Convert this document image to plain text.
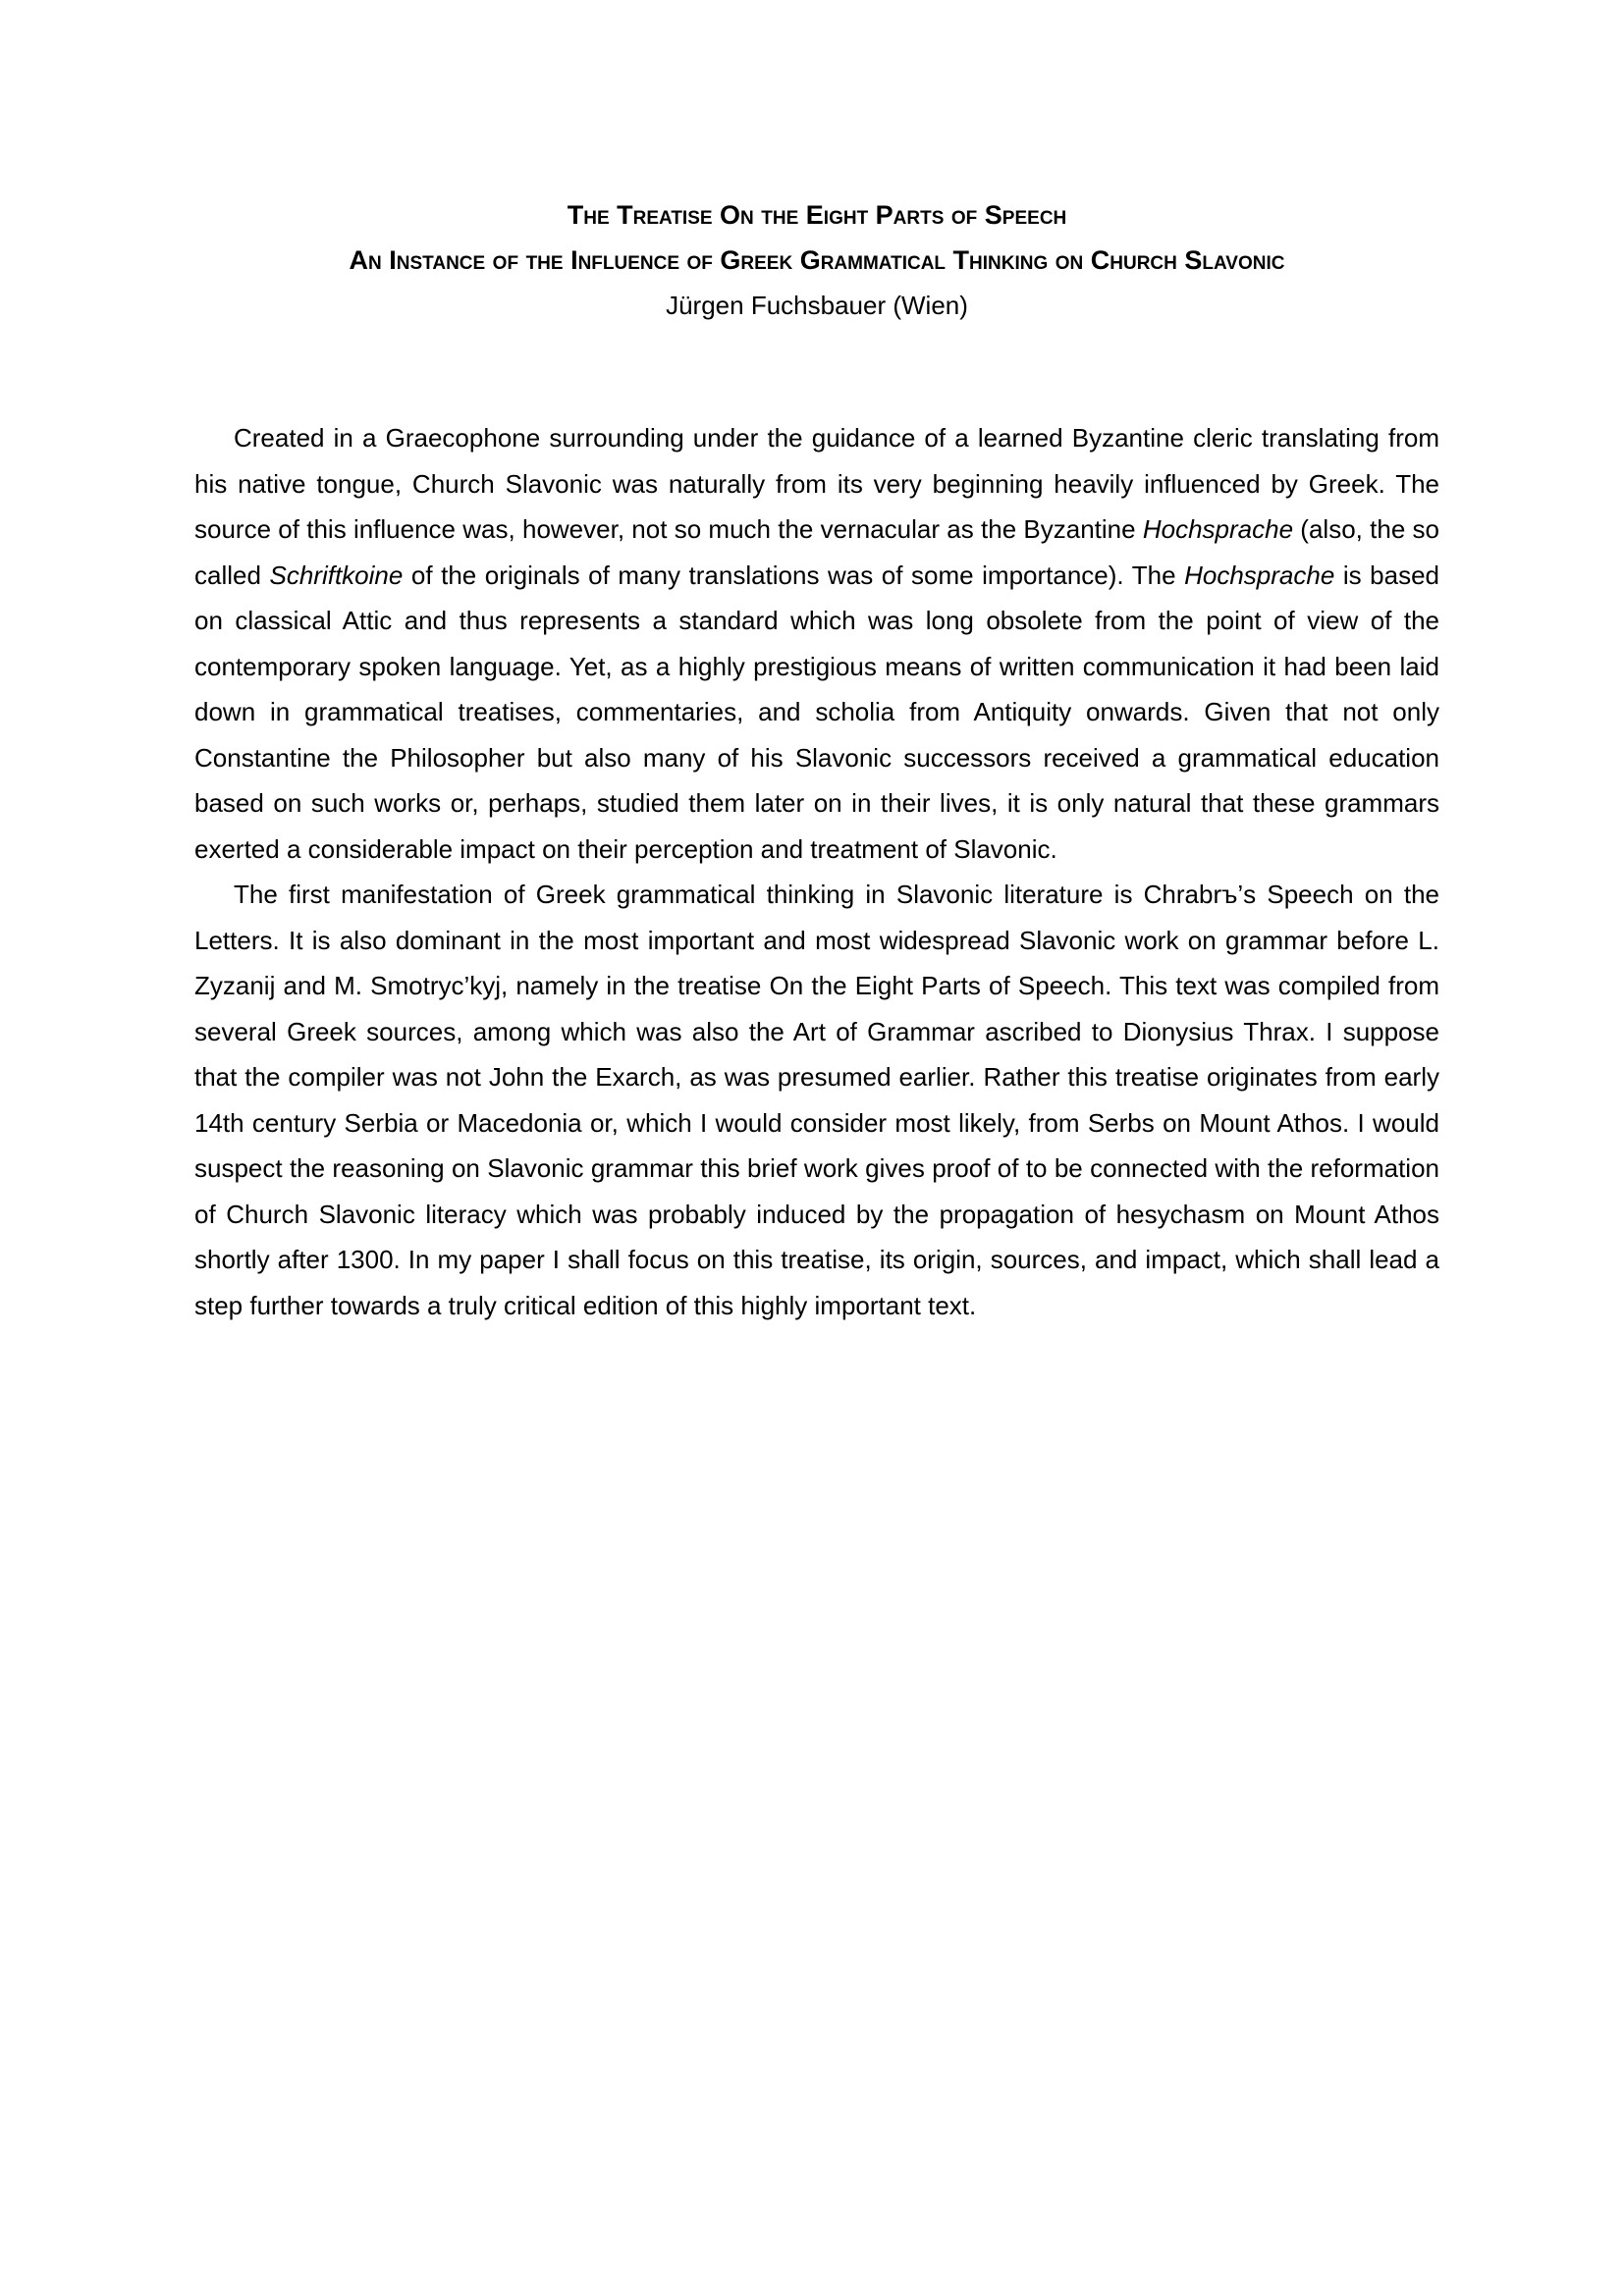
The Treatise On the Eight Parts of Speech

An Instance of the Influence of Greek Grammatical Thinking on Church Slavonic

Jürgen Fuchsbauer (Wien)

Created in a Graecophone surrounding under the guidance of a learned Byzantine cleric translating from his native tongue, Church Slavonic was naturally from its very beginning heavily influenced by Greek. The source of this influence was, however, not so much the vernacular as the Byzantine Hochsprache (also, the so called Schriftkoine of the originals of many translations was of some importance). The Hochsprache is based on classical Attic and thus represents a standard which was long obsolete from the point of view of the contemporary spoken language. Yet, as a highly prestigious means of written communication it had been laid down in grammatical treatises, commentaries, and scholia from Antiquity onwards. Given that not only Constantine the Philosopher but also many of his Slavonic successors received a grammatical education based on such works or, perhaps, studied them later on in their lives, it is only natural that these grammars exerted a considerable impact on their perception and treatment of Slavonic.

The first manifestation of Greek grammatical thinking in Slavonic literature is Chrabrъ’s Speech on the Letters. It is also dominant in the most important and most widespread Slavonic work on grammar before L. Zyzanij and M. Smotryc’kyj, namely in the treatise On the Eight Parts of Speech. This text was compiled from several Greek sources, among which was also the Art of Grammar ascribed to Dionysius Thrax. I suppose that the compiler was not John the Exarch, as was presumed earlier. Rather this treatise originates from early 14th century Serbia or Macedonia or, which I would consider most likely, from Serbs on Mount Athos. I would suspect the reasoning on Slavonic grammar this brief work gives proof of to be connected with the reformation of Church Slavonic literacy which was probably induced by the propagation of hesychasm on Mount Athos shortly after 1300. In my paper I shall focus on this treatise, its origin, sources, and impact, which shall lead a step further towards a truly critical edition of this highly important text.
